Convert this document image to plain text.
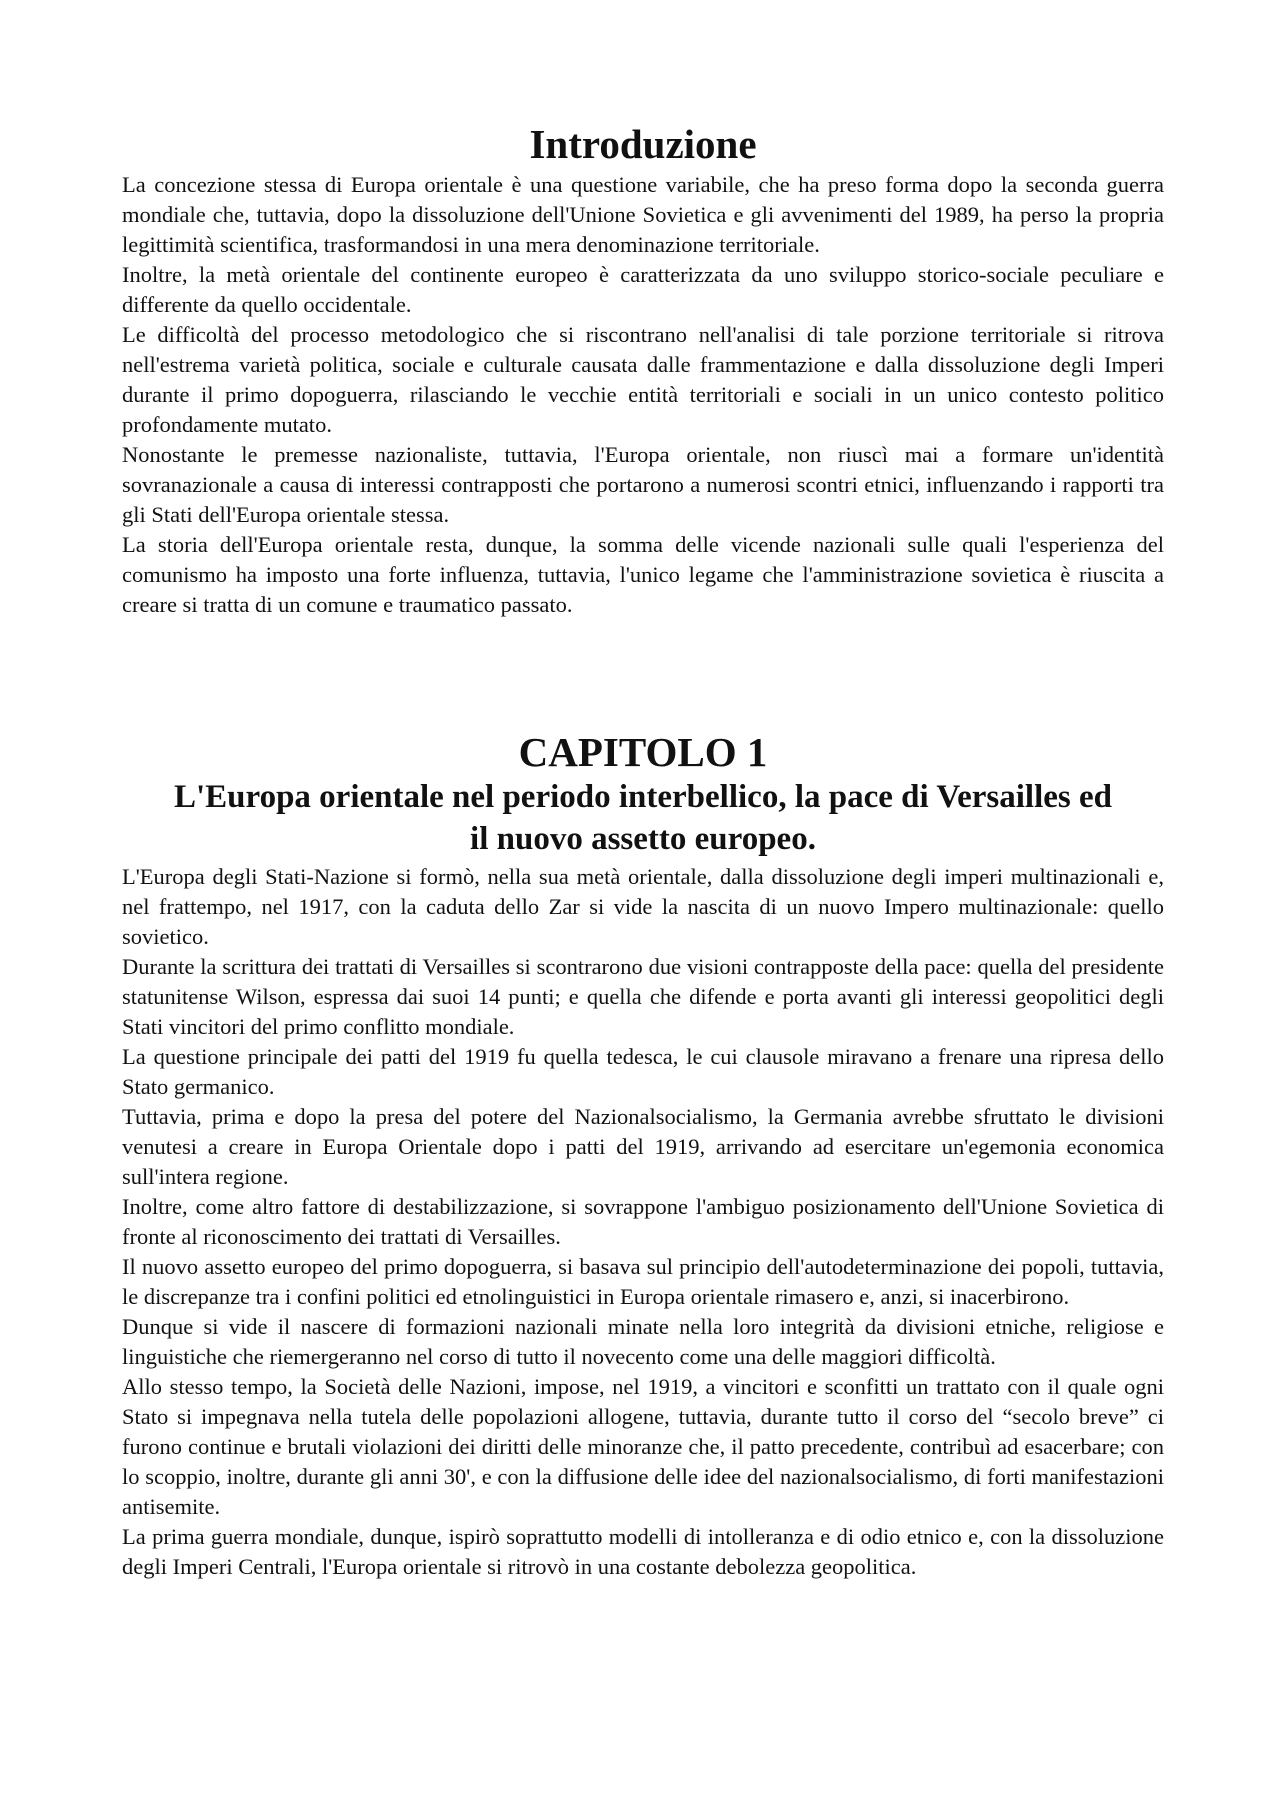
Introduzione

La concezione stessa di Europa orientale è una questione variabile, che ha preso forma dopo la seconda guerra mondiale che, tuttavia, dopo la dissoluzione dell'Unione Sovietica e gli avvenimenti del 1989, ha perso la propria legittimità scientifica, trasformandosi in una mera denominazione territoriale.

Inoltre, la metà orientale del continente europeo è caratterizzata da uno sviluppo storico-sociale peculiare e differente da quello occidentale.

Le difficoltà del processo metodologico che si riscontrano nell'analisi di tale porzione territoriale si ritrova nell'estrema varietà politica, sociale e culturale causata dalle frammentazione e dalla dissoluzione degli Imperi durante il primo dopoguerra, rilasciando le vecchie entità territoriali e sociali in un unico contesto politico profondamente mutato.

Nonostante le premesse nazionaliste, tuttavia, l'Europa orientale, non riuscì mai a formare un'identità sovranazionale a causa di interessi contrapposti che portarono a numerosi scontri etnici, influenzando i rapporti tra gli Stati dell'Europa orientale stessa.

La storia dell'Europa orientale resta, dunque, la somma delle vicende nazionali sulle quali l'esperienza del comunismo ha imposto una forte influenza, tuttavia, l'unico legame che l'amministrazione sovietica è riuscita a creare si tratta di un comune e traumatico passato.

CAPITOLO 1
L'Europa orientale nel periodo interbellico, la pace di Versailles ed il nuovo assetto europeo.

L'Europa degli Stati-Nazione si formò, nella sua metà orientale, dalla dissoluzione degli imperi multinazionali e, nel frattempo, nel 1917, con la caduta dello Zar si vide la nascita di un nuovo Impero multinazionale: quello sovietico.

Durante la scrittura dei trattati di Versailles si scontrarono due visioni contrapposte della pace: quella del presidente statunitense Wilson, espressa dai suoi 14 punti; e quella che difende e porta avanti gli interessi geopolitici degli Stati vincitori del primo conflitto mondiale.

La questione principale dei patti del 1919 fu quella tedesca, le cui clausole miravano a frenare una ripresa dello Stato germanico.

Tuttavia, prima e dopo la presa del potere del Nazionalsocialismo, la Germania avrebbe sfruttato le divisioni venutesi a creare in Europa Orientale dopo i patti del 1919, arrivando ad esercitare un'egemonia economica sull'intera regione.

Inoltre, come altro fattore di destabilizzazione, si sovrappone l'ambiguo posizionamento dell'Unione Sovietica di fronte al riconoscimento dei trattati di Versailles.

Il nuovo assetto europeo del primo dopoguerra, si basava sul principio dell'autodeterminazione dei popoli, tuttavia, le discrepanze tra i confini politici ed etnolinguistici in Europa orientale rimasero e, anzi, si inacerbirono.

Dunque si vide il nascere di formazioni nazionali minate nella loro integrità da divisioni etniche, religiose e linguistiche che riemergeranno nel corso di tutto il novecento come una delle maggiori difficoltà.

Allo stesso tempo, la Società delle Nazioni, impose, nel 1919, a vincitori e sconfitti un trattato con il quale ogni Stato si impegnava nella tutela delle popolazioni allogene, tuttavia, durante tutto il corso del “secolo breve” ci furono continue e brutali violazioni dei diritti delle minoranze che, il patto precedente, contribuì ad esacerbare; con lo scoppio, inoltre, durante gli anni 30', e con la diffusione delle idee del nazionalsocialismo, di forti manifestazioni antisemite.

La prima guerra mondiale, dunque, ispirò soprattutto modelli di intolleranza e di odio etnico e, con la dissoluzione degli Imperi Centrali, l'Europa orientale si ritrovò in una costante debolezza geopolitica.
